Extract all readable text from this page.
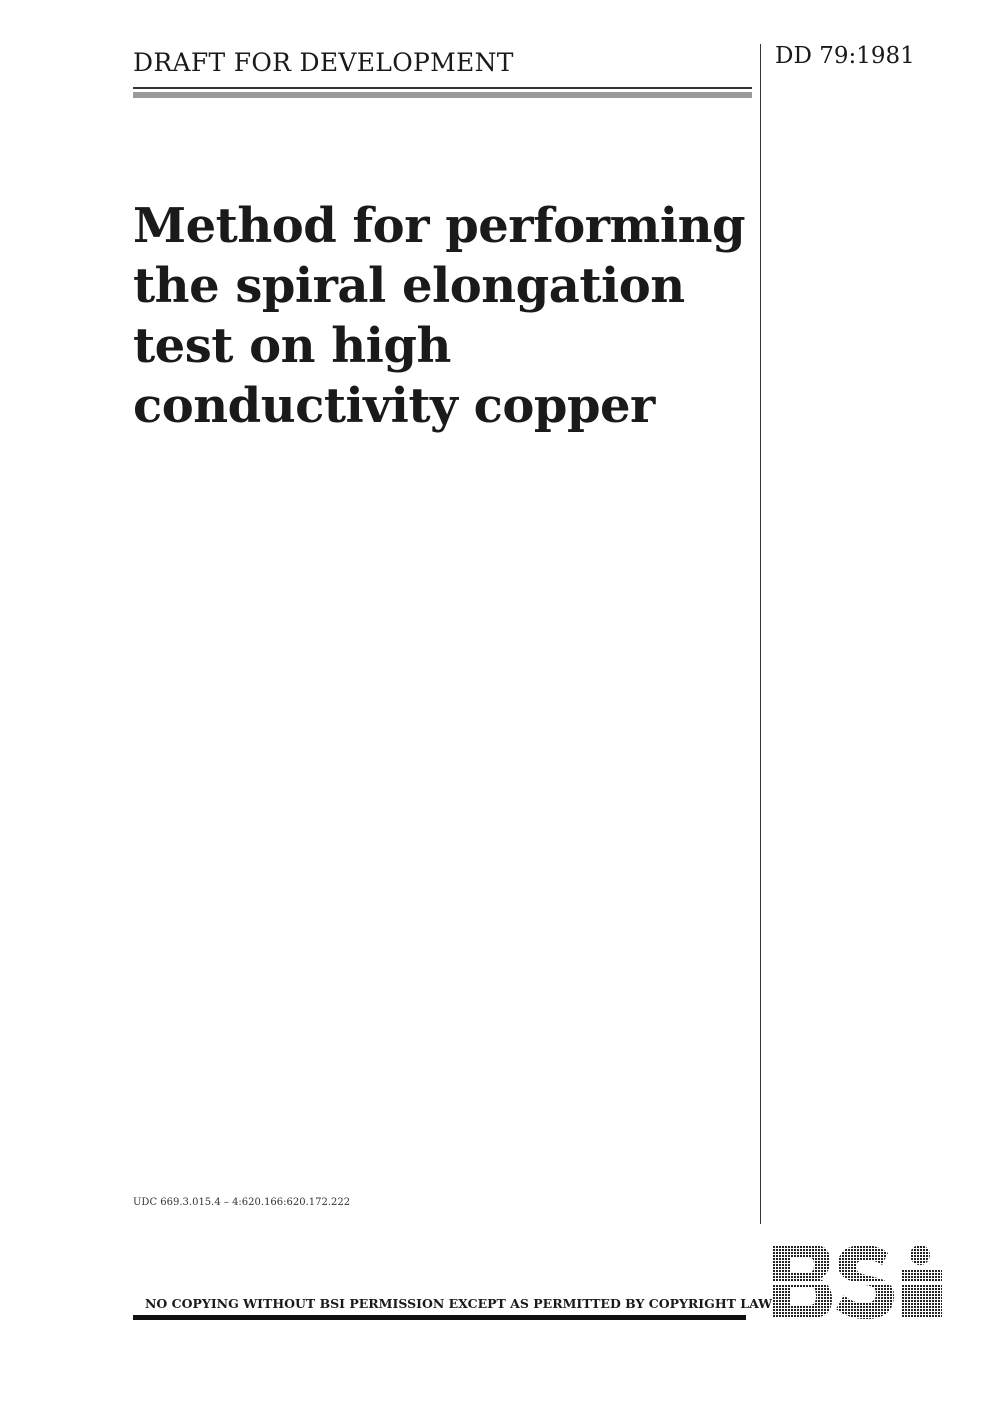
DRAFT FOR DEVELOPMENT	DD 79:1981
Method for performing
the spiral elongation
test on high
conductivity copper
UDC 669.3.015.4 – 4:620.166:620.172.222
NO COPYING WITHOUT BSI PERMISSION EXCEPT AS PERMITTED BY COPYRIGHT LAW
